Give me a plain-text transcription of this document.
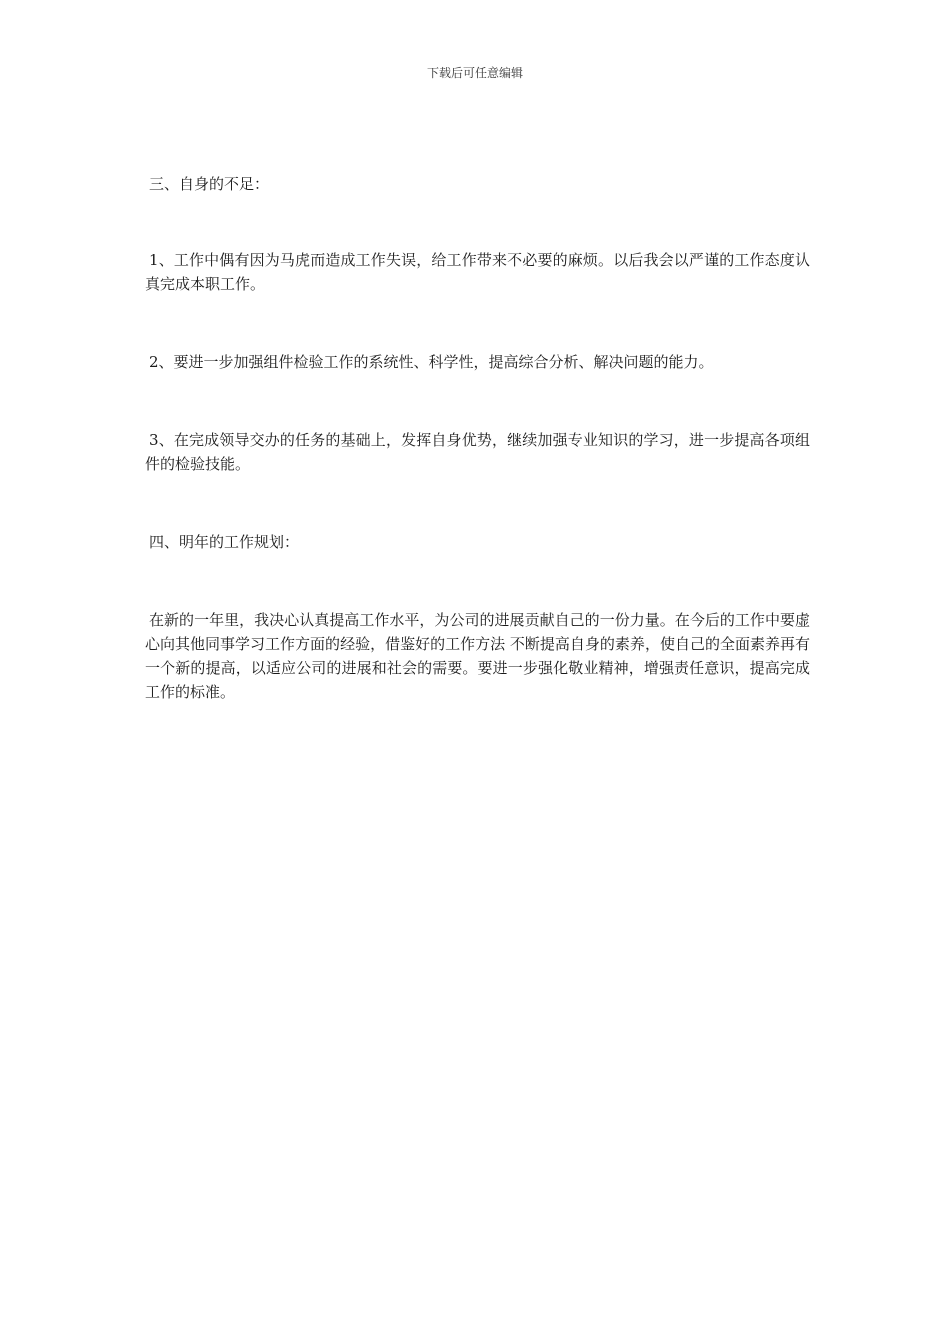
下载后可任意编辑

三、自身的不足：

1、工作中偶有因为马虎而造成工作失误，给工作带来不必要的麻烦。以后我会以严谨的工作态度认真完成本职工作。

2、要进一步加强组件检验工作的系统性、科学性，提高综合分析、解决问题的能力。

3、在完成领导交办的任务的基础上，发挥自身优势，继续加强专业知识的学习，进一步提高各项组件的检验技能。

四、明年的工作规划：

在新的一年里，我决心认真提高工作水平，为公司的进展贡献自己的一份力量。在今后的工作中要虚心向其他同事学习工作方面的经验，借鉴好的工作方法 不断提高自身的素养，使自己的全面素养再有一个新的提高，以适应公司的进展和社会的需要。要进一步强化敬业精神，增强责任意识，提高完成工作的标准。
